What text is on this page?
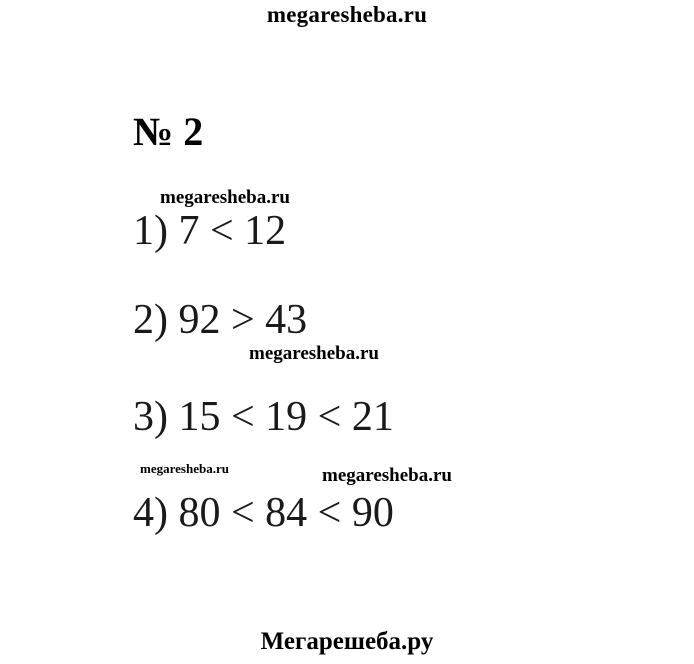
megaresheba.ru
№ 2
megaresheba.ru
1) 7 < 12
2) 92 > 43
megaresheba.ru
3) 15 < 19 < 21
megaresheba.ru	megaresheba.ru
4) 80 < 84 < 90
Мегарешеба.ру
